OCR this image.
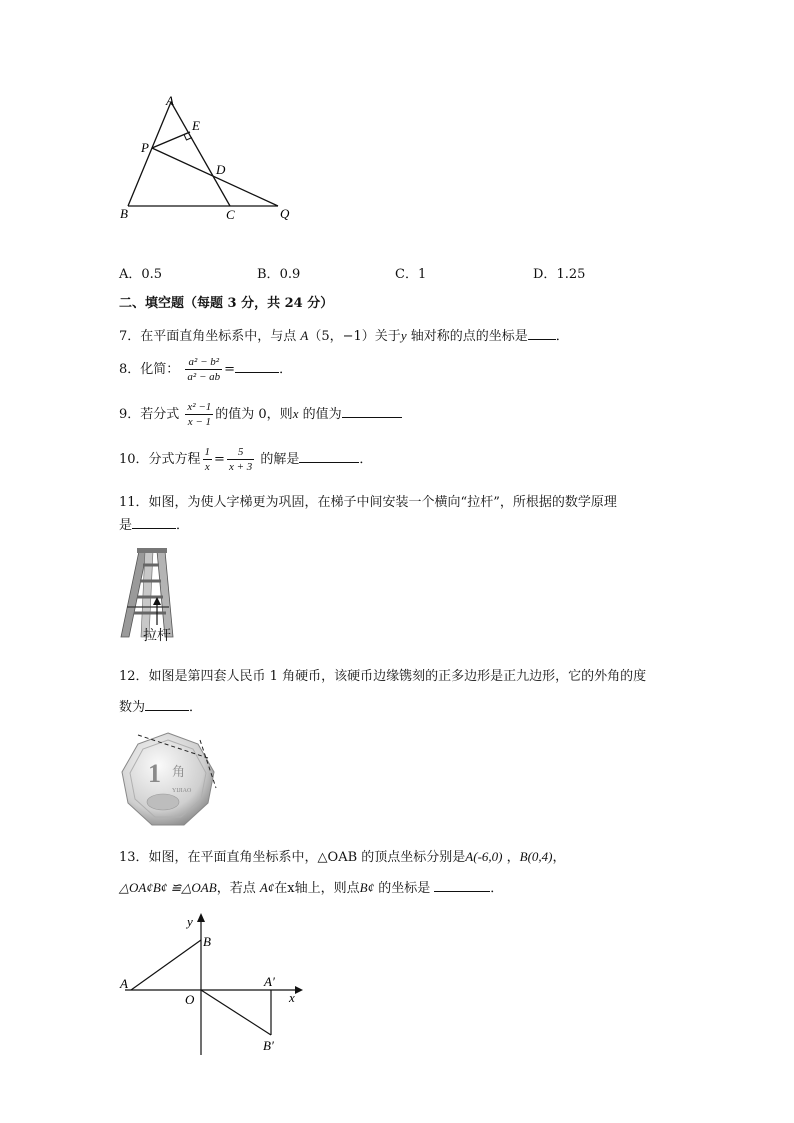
A
E
P
D
B	C	Q
A．0.5	B．0.9	C．1	D．1.25
二、填空题（每题 3 分，共 24 分）
7．在平面直角坐标系中，与点 A（5，−1）关于y 轴对称的点的坐标是 ．
8．化简： $\frac{\text{a² − b²}}{\text{a² − ab}}$ =	．
9．若分式 $\frac{\text{x² −1}}{x - 1}$ 的值为 0，则x 的值为
10．分式方程 $\frac{1}{x} = \frac{5}{x + 3}$ 的解是	．
11．如图，为使人字梯更为巩固，在梯子中间安装一个横向“拉杆”，所根据的数学原理
是	．
拉杆
12．如图是第四套人民币 1 角硬币，该硬币边缘镌刻的正多边形是正九边形，它的外角的度
数为	．
1 角
YIJIAO
13．如图，在平面直角坐标系中，△OAB 的顶点坐标分别是A(-6,0) ，B(0,4)，
△OA¢B¢ ≌△OAB，若点 A¢在x轴上，则点B¢ 的坐标是	．
y
x
B
A
O
A′
B′
